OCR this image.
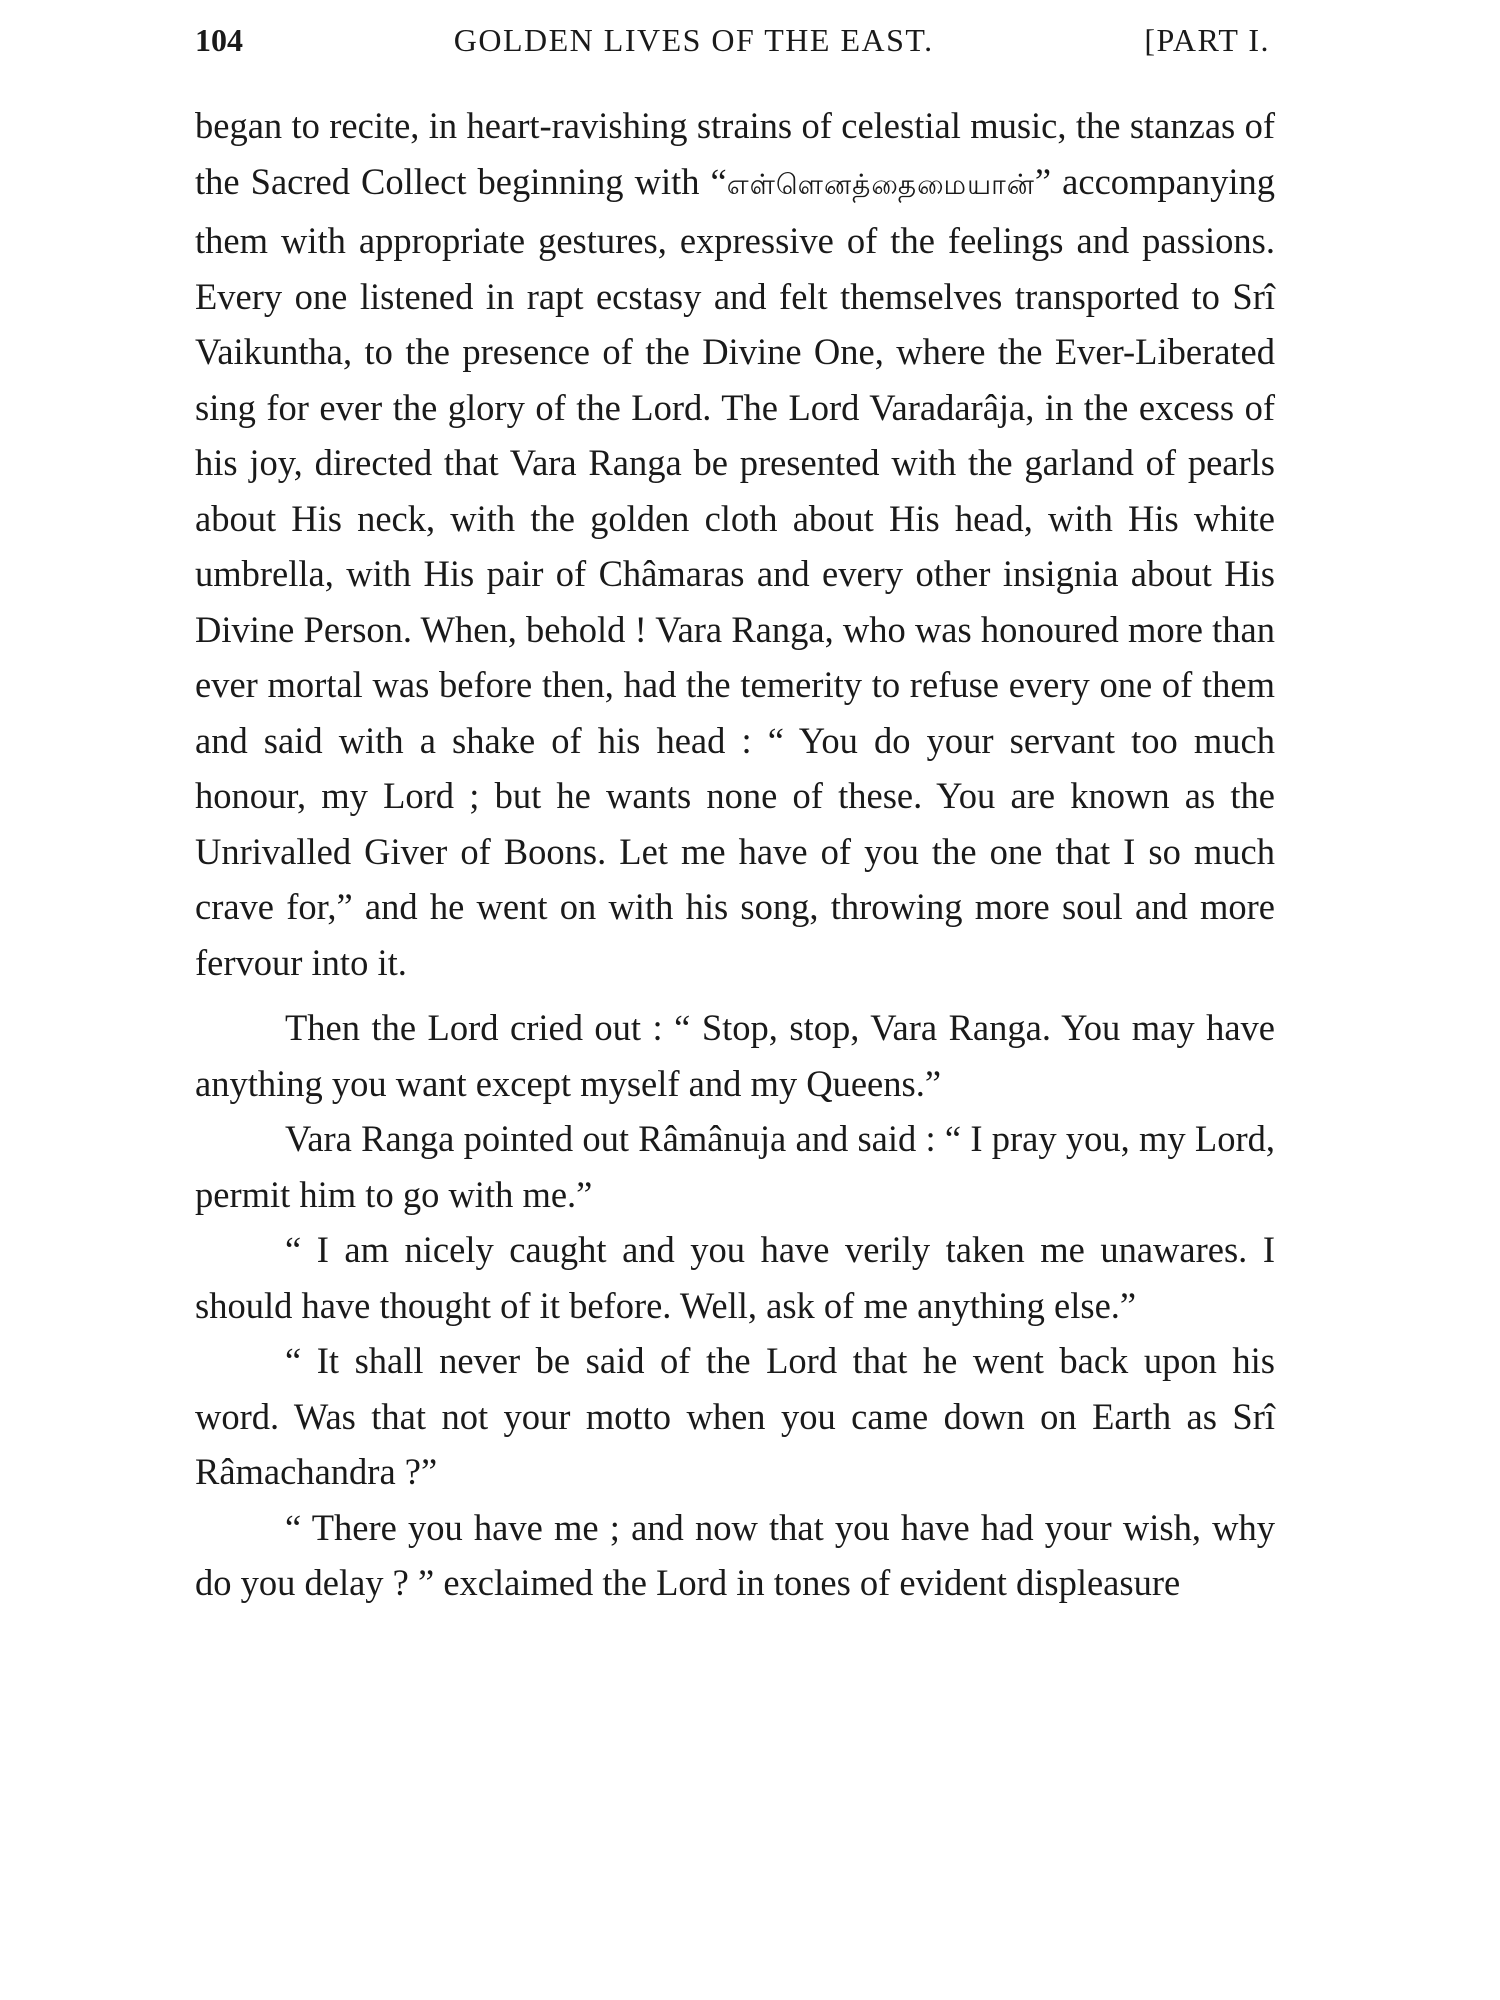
104	GOLDEN LIVES OF THE EAST.	[PART I.

began to recite, in heart-ravishing strains of celestial music, the stanzas of the Sacred Collect beginning with “எள்ளெனத்தைமையான்” accompanying them with appropriate gestures, expressive of the feelings and passions. Every one listened in rapt ecstasy and felt themselves transported to Srî Vaikuntha, to the presence of the Divine One, where the Ever-Liberated sing for ever the glory of the Lord. The Lord Varadarâja, in the excess of his joy, directed that Vara Ranga be presented with the garland of pearls about His neck, with the golden cloth about His head, with His white umbrella, with His pair of Châmaras and every other insignia about His Divine Person. When, behold ! Vara Ranga, who was honoured more than ever mortal was before then, had the temerity to refuse every one of them and said with a shake of his head : “ You do your servant too much honour, my Lord ; but he wants none of these. You are known as the Unrivalled Giver of Boons. Let me have of you the one that I so much crave for,” and he went on with his song, throwing more soul and more fervour into it.

Then the Lord cried out : “ Stop, stop, Vara Ranga. You may have anything you want except myself and my Queens.”

Vara Ranga pointed out Râmânuja and said : “ I pray you, my Lord, permit him to go with me.”

“ I am nicely caught and you have verily taken me unawares. I should have thought of it before. Well, ask of me anything else.”

“ It shall never be said of the Lord that he went back upon his word. Was that not your motto when you came down on Earth as Srî Râmachandra ?”

“ There you have me ; and now that you have had your wish, why do you delay ? ” exclaimed the Lord in tones of evident displeasure
